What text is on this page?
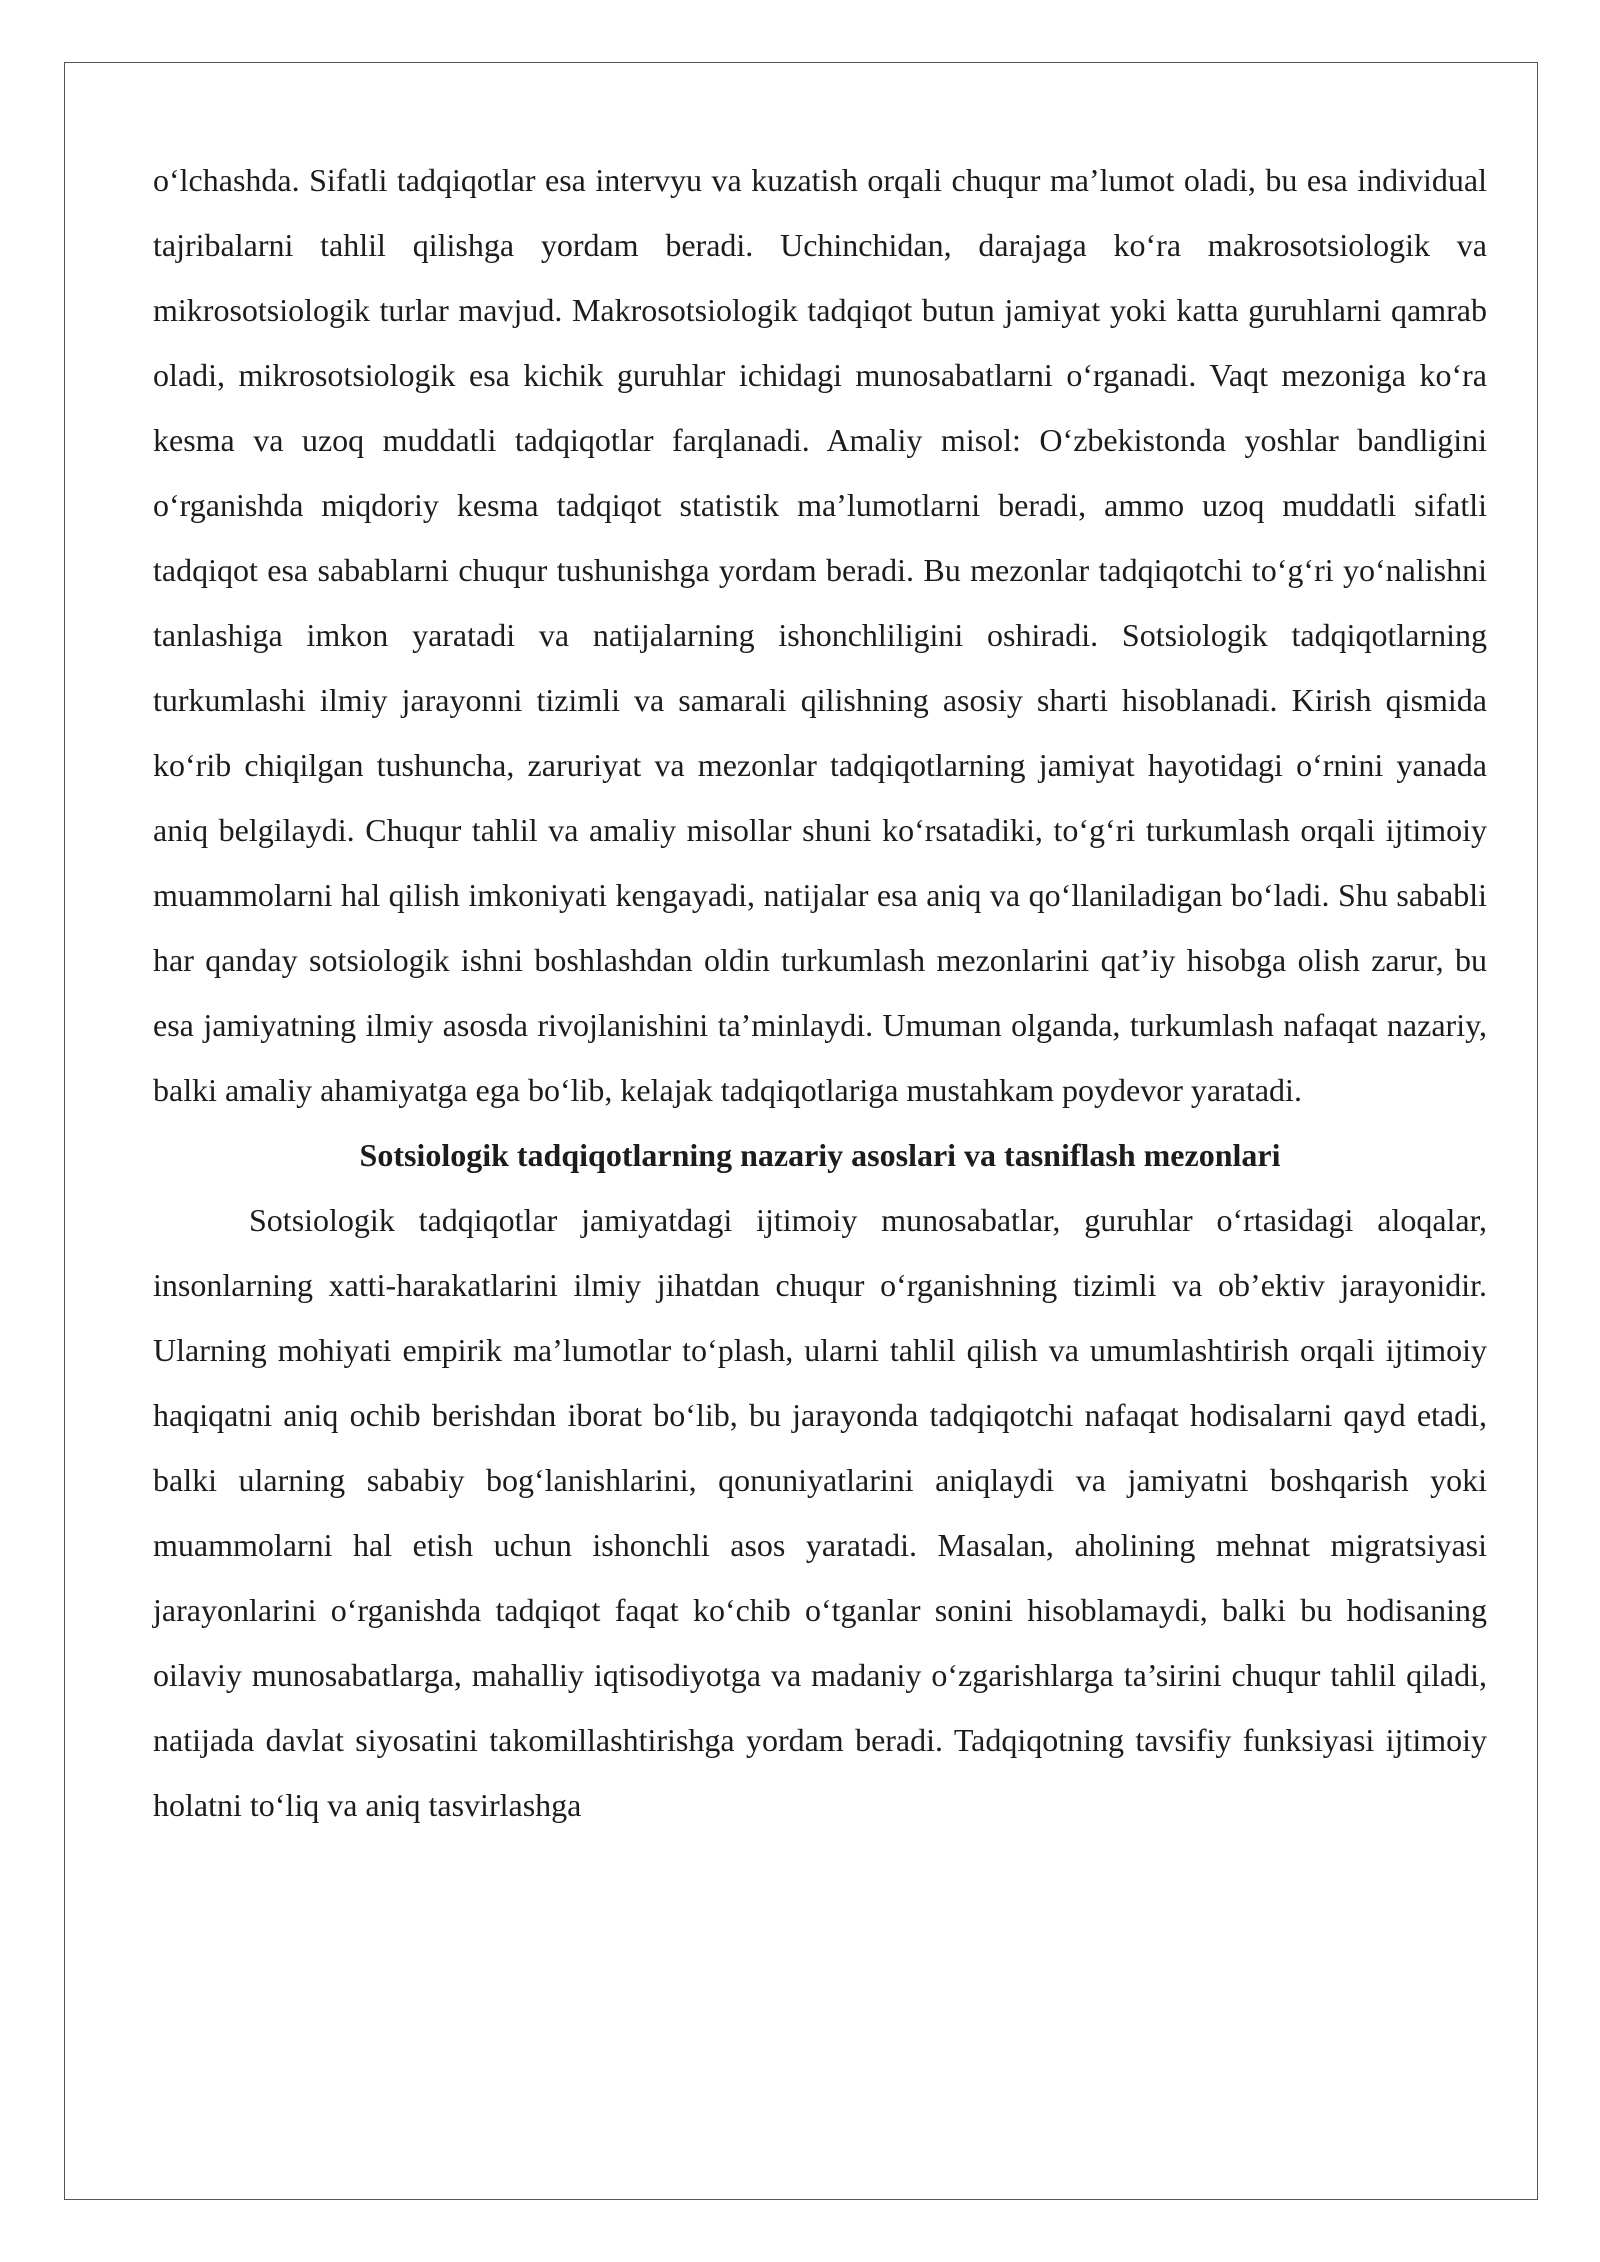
o‘lchashda. Sifatli tadqiqotlar esa intervyu va kuzatish orqali chuqur ma’lumot oladi, bu esa individual tajribalarni tahlil qilishga yordam beradi. Uchinchidan, darajaga ko‘ra makrosotsiologik va mikrosotsiologik turlar mavjud. Makrosotsiologik tadqiqot butun jamiyat yoki katta guruhlarni qamrab oladi, mikrosotsiologik esa kichik guruhlar ichidagi munosabatlarni o‘rganadi. Vaqt mezoniga ko‘ra kesma va uzoq muddatli tadqiqotlar farqlanadi. Amaliy misol: O‘zbekistonda yoshlar bandligini o‘rganishda miqdoriy kesma tadqiqot statistik ma’lumotlarni beradi, ammo uzoq muddatli sifatli tadqiqot esa sabablarni chuqur tushunishga yordam beradi. Bu mezonlar tadqiqotchi to‘g‘ri yo‘nalishni tanlashiga imkon yaratadi va natijalarning ishonchliligini oshiradi. Sotsiologik tadqiqotlarning turkumlashi ilmiy jarayonni tizimli va samarali qilishning asosiy sharti hisoblanadi. Kirish qismida ko‘rib chiqilgan tushuncha, zaruriyat va mezonlar tadqiqotlarning jamiyat hayotidagi o‘rnini yanada aniq belgilaydi. Chuqur tahlil va amaliy misollar shuni ko‘rsatadiki, to‘g‘ri turkumlash orqali ijtimoiy muammolarni hal qilish imkoniyati kengayadi, natijalar esa aniq va qo‘llaniladigan bo‘ladi. Shu sababli har qanday sotsiologik ishni boshlashdan oldin turkumlash mezonlarini qat’iy hisobga olish zarur, bu esa jamiyatning ilmiy asosda rivojlanishini ta’minlaydi. Umuman olganda, turkumlash nafaqat nazariy, balki amaliy ahamiyatga ega bo‘lib, kelajak tadqiqotlariga mustahkam poydevor yaratadi.

Sotsiologik tadqiqotlarning nazariy asoslari va tasniflash mezonlari

Sotsiologik tadqiqotlar jamiyatdagi ijtimoiy munosabatlar, guruhlar o‘rtasidagi aloqalar, insonlarning xatti-harakatlarini ilmiy jihatdan chuqur o‘rganishning tizimli va ob’ektiv jarayonidir. Ularning mohiyati empirik ma’lumotlar to‘plash, ularni tahlil qilish va umumlashtirish orqali ijtimoiy haqiqatni aniq ochib berishdan iborat bo‘lib, bu jarayonda tadqiqotchi nafaqat hodisalarni qayd etadi, balki ularning sababiy bog‘lanishlarini, qonuniyatlarini aniqlaydi va jamiyatni boshqarish yoki muammolarni hal etish uchun ishonchli asos yaratadi. Masalan, aholining mehnat migratsiyasi jarayonlarini o‘rganishda tadqiqot faqat ko‘chib o‘tganlar sonini hisoblamaydi, balki bu hodisaning oilaviy munosabatlarga, mahalliy iqtisodiyotga va madaniy o‘zgarishlarga ta’sirini chuqur tahlil qiladi, natijada davlat siyosatini takomillashtirishga yordam beradi. Tadqiqotning tavsifiy funksiyasi ijtimoiy holatni to‘liq va aniq tasvirlashga
